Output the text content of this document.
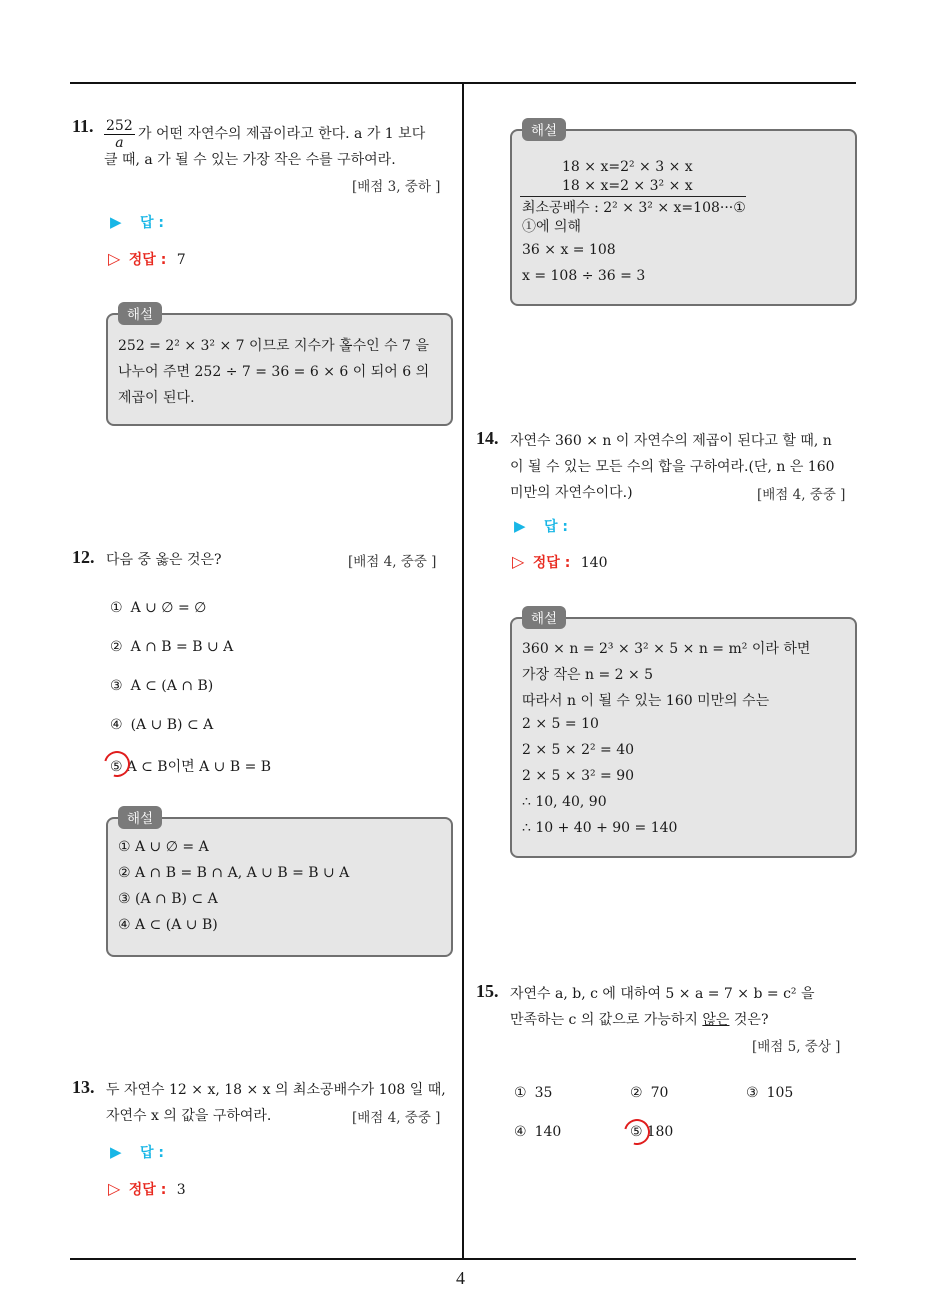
4
11. $\frac{252}{a}$ 가 어떤 자연수의 제곱이라고 한다. a 가 1 보다
클 때, a 가 될 수 있는 가장 작은 수를 구하여라.
[배점 3, 중하 ]
▶ 답 :
▷ 정답 : 7
해설
252 = 2² × 3² × 7 이므로 지수가 홀수인 수 7 을
나누어 주면 252 ÷ 7 = 36 = 6 × 6 이 되어 6 의
제곱이 된다.
12. 다음 중 옳은 것은?	[배점 4, 중중 ]
① A ∪ ∅ = ∅
② A ∩ B = B ∪ A
③ A ⊂ (A ∩ B)
④ (A ∪ B) ⊂ A
⑤ A ⊂ B이면 A ∪ B = B
해설
① A ∪ ∅ = A
② A ∩ B = B ∩ A, A ∪ B = B ∪ A
③ (A ∩ B) ⊂ A
④ A ⊂ (A ∪ B)
13. 두 자연수 12 × x, 18 × x 의 최소공배수가 108 일 때,
자연수 x 의 값을 구하여라.	[배점 4, 중중 ]
▶ 답 :
▷ 정답 : 3
해설
18 × x=2² × 3 × x
18 × x=2 × 3² × x
최소공배수 : 2² × 3² × x=108···①
①에 의해
36 × x = 108
x = 108 ÷ 36 = 3
14. 자연수 360 × n 이 자연수의 제곱이 된다고 할 때, n
이 될 수 있는 모든 수의 합을 구하여라.(단, n 은 160
미만의 자연수이다.)	[배점 4, 중중 ]
▶ 답 :
▷ 정답 : 140
해설
360 × n = 2³ × 3² × 5 × n = m² 이라 하면
가장 작은 n = 2 × 5
따라서 n 이 될 수 있는 160 미만의 수는
2 × 5 = 10
2 × 5 × 2² = 40
2 × 5 × 3² = 90
∴ 10, 40, 90
∴ 10 + 40 + 90 = 140
15. 자연수 a, b, c 에 대하여 5 × a = 7 × b = c² 을
만족하는 c 의 값으로 가능하지 않은 것은?
[배점 5, 중상 ]
① 35	② 70	③ 105
④ 140	⑤ 180
